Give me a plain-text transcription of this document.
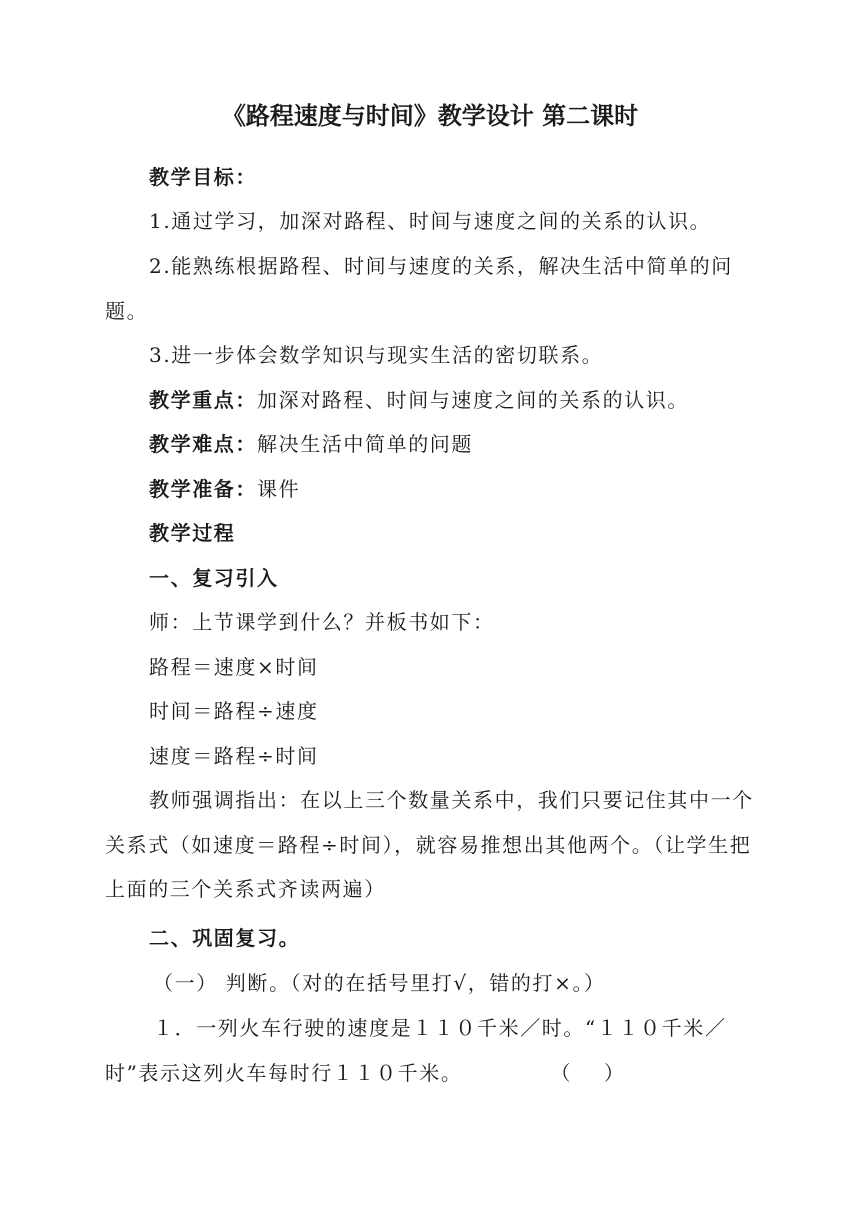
《路程速度与时间》教学设计 第二课时

教学目标：

1.通过学习，加深对路程、时间与速度之间的关系的认识。

2.能熟练根据路程、时间与速度的关系，解决生活中简单的问题。

3.进一步体会数学知识与现实生活的密切联系。

教学重点：加深对路程、时间与速度之间的关系的认识。

教学难点：解决生活中简单的问题

教学准备：课件

教学过程

一、复习引入

师：上节课学到什么？并板书如下：

路程＝速度×时间

时间＝路程÷速度

速度＝路程÷时间

教师强调指出：在以上三个数量关系中，我们只要记住其中一个关系式（如速度＝路程÷时间），就容易推想出其他两个。（让学生把上面的三个关系式齐读两遍）

二、巩固复习。

（一） 判断。（对的在括号里打√，错的打×。）

１．一列火车行驶的速度是１１０千米／时。“１１０千米／时”表示这列火车每时行１１０千米。	（    ）
